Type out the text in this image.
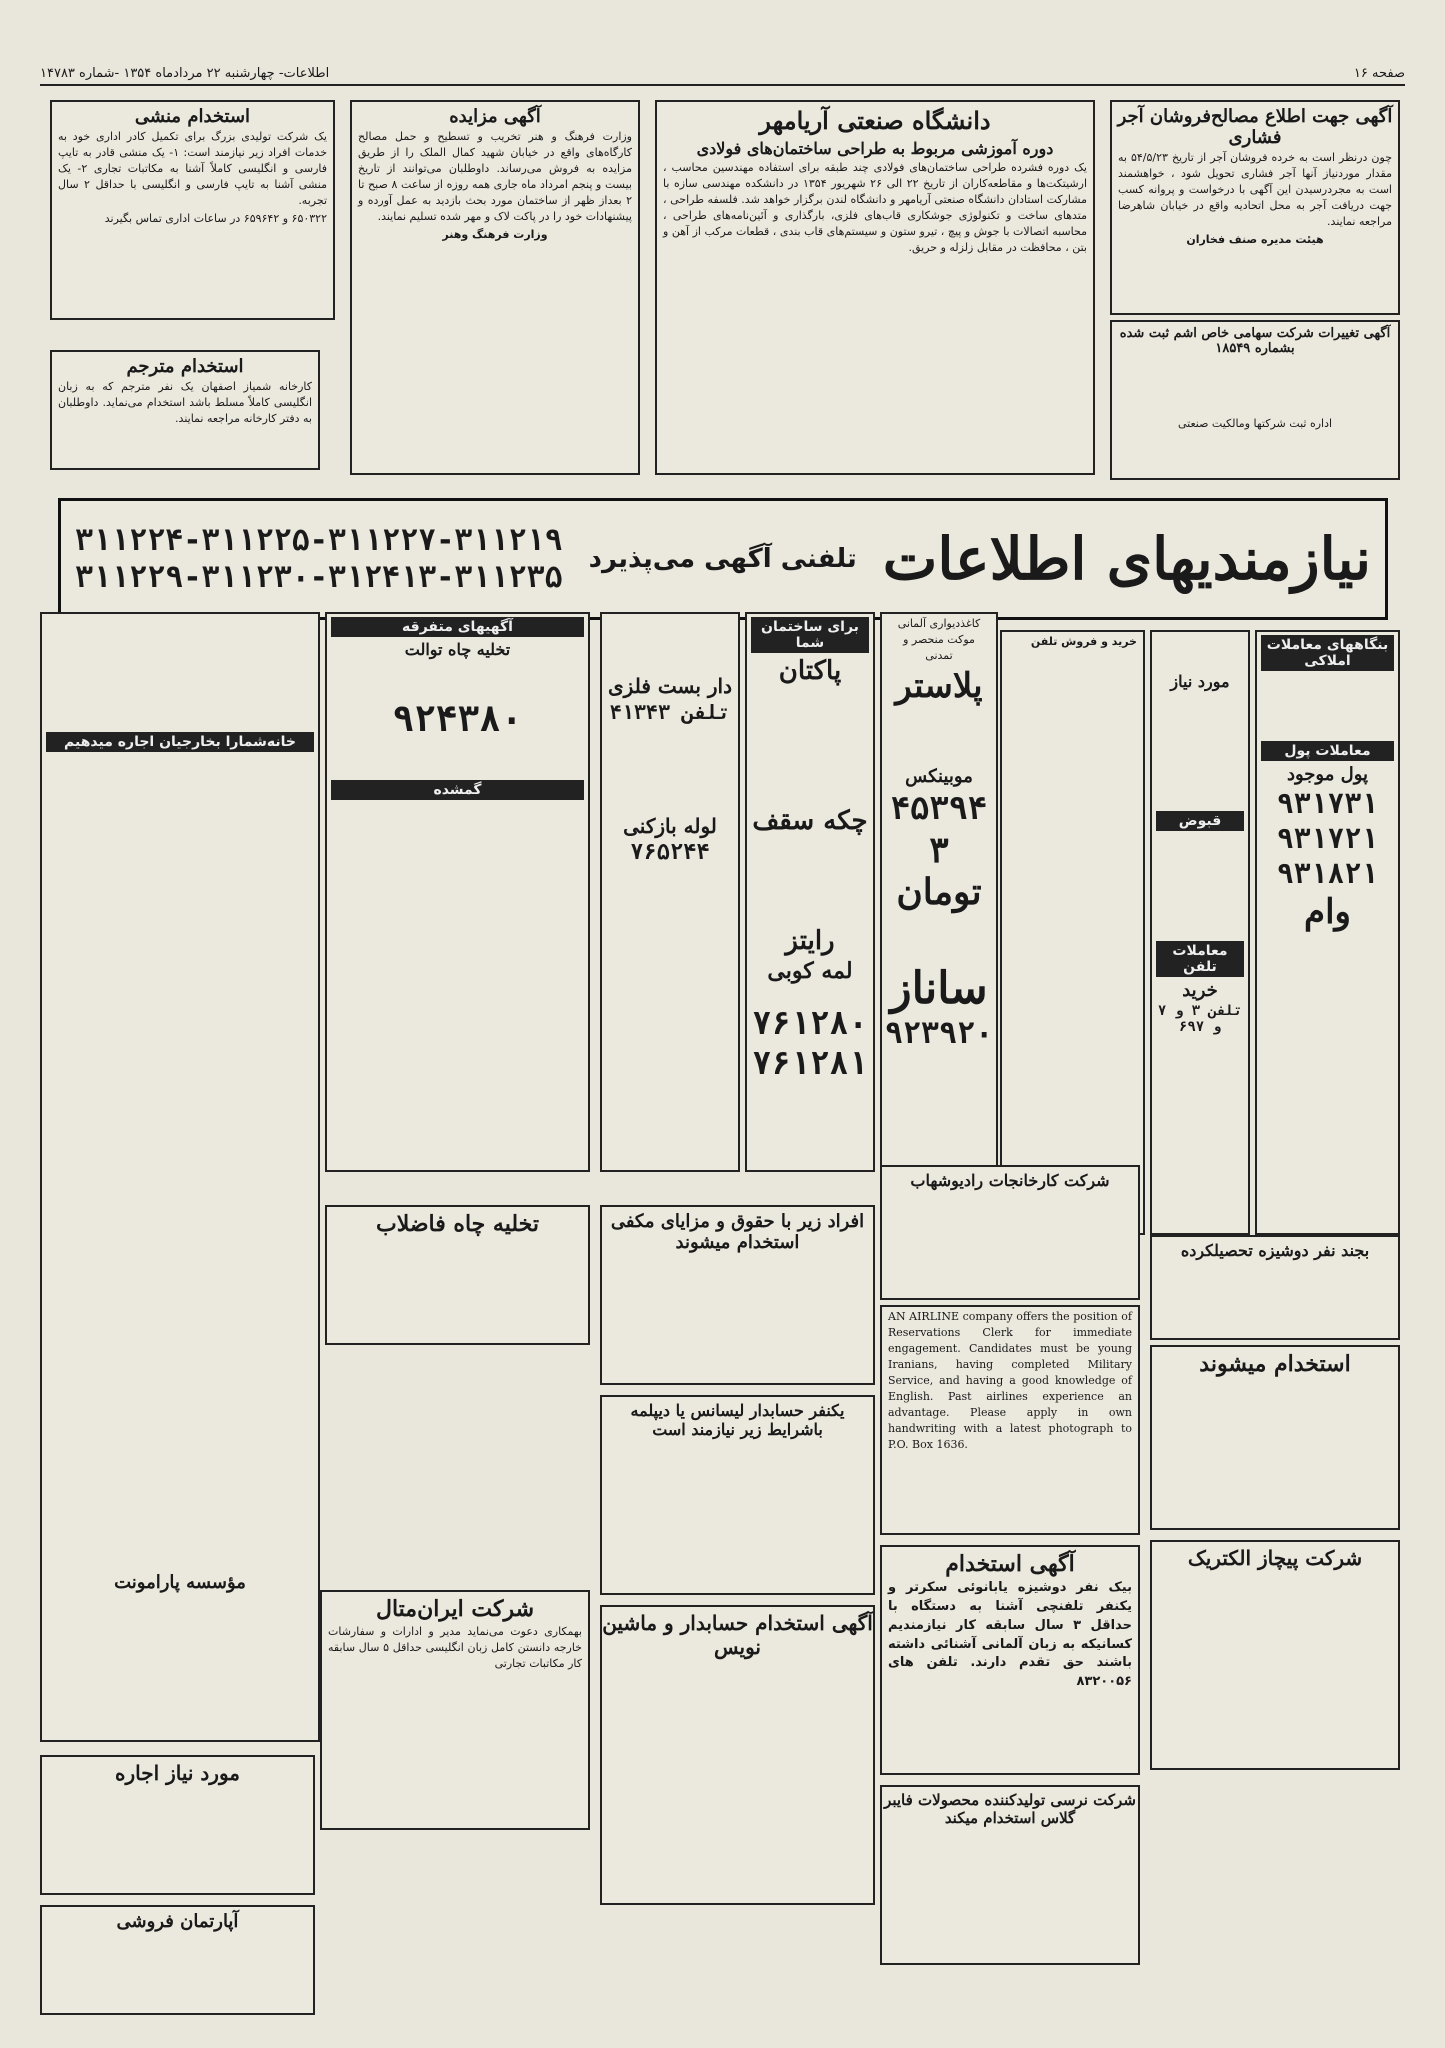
صفحه ۱۶
اطلاعات- چهارشنبه ۲۲ مردادماه ۱۳۵۴ -شماره ۱۴۷۸۳
آگهی جهت اطلاع مصالح‌فروشان آجر فشاری

چون درنظر است به خرده فروشان آجر از تاریخ ۵۴/۵/۲۳ به مقدار موردنیاز آنها آجر فشاری تحویل شود ، خواهشمند است به مجردرسیدن این آگهی با درخواست و پروانه کسب جهت دریافت آجر به محل اتحادیه واقع در خیابان شاهرضا مراجعه نمایند.

هیئت مدیره صنف فخاران

آگهی تغییرات شرکت سهامی خاص اشم ثبت شده بشماره ۱۸۵۴۹

اداره ثبت شرکتها ومالکیت صنعتی

دانشگاه صنعتی آریامهر
دوره آموزشی مربوط به طراحی ساختمان‌های فولادی

یک دوره فشرده طراحی ساختمان‌های فولادی چند طبقه برای استفاده مهندسین محاسب ، ارشیتکت‌ها و مقاطعه‌کاران از تاریخ ۲۲ الی ۲۶ شهریور ۱۳۵۴ در دانشکده مهندسی سازه با مشارکت استادان دانشگاه صنعتی آریامهر و دانشگاه لندن برگزار خواهد شد. فلسفه طراحی ، متدهای ساخت و تکنولوژی جوشکاری قاب‌های فلزی، بارگذاری و آئین‌نامه‌های طراحی ، محاسبه اتصالات با جوش و پیچ ، تیرو ستون و سیستم‌های قاب بندی ، قطعات مرکب از آهن و بتن ، محافظت در مقابل زلزله و حریق.

آگهی مزایده

وزارت فرهنگ و هنر تخریب و تسطیح و حمل مصالح کارگاه‌های واقع در خیابان شهید کمال الملک را از طریق مزایده به فروش می‌رساند. داوطلبان می‌توانند از تاریخ بیست و پنجم امرداد ماه جاری همه روزه از ساعت ۸ صبح تا ۲ بعداز ظهر از ساختمان مورد بحث بازدید به عمل آورده و پیشنهادات خود را در پاکت لاک و مهر شده تسلیم نمایند.

وزارت فرهنگ وهنر

استخدام منشی

یک شرکت تولیدی بزرگ برای تکمیل کادر اداری خود به خدمات افراد زیر نیازمند است: ۱- یک منشی قادر به تایپ فارسی و انگلیسی کاملاً آشنا به مکاتبات تجاری ۲- یک منشی آشنا به تایپ فارسی و انگلیسی با حداقل ۲ سال تجربه.

۶۵۰۳۲۲ و ۶۵۹۶۴۲ در ساعات اداری تماس بگیرند

استخدام مترجم

کارخانه شمیاز اصفهان یک نفر مترجم که به زبان انگلیسی کاملاً مسلط باشد استخدام می‌نماید. داوطلبان به دفتر کارخانه مراجعه نمایند.

نیازمندیهای اطلاعات
تلفنی آگهی می‌پذیرد
۳۱۱۲۲۴-۳۱۱۲۲۵-۳۱۱۲۲۷-۳۱۱۲۱۹
۳۱۱۲۲۹-۳۱۱۲۳۰-۳۱۲۴۱۳-۳۱۱۲۳۵
بنگاههای معاملات املاکی
معاملات پول
پول موجود
۹۳۱۷۳۱
۹۳۱۷۲۱
۹۳۱۸۲۱
وام
مورد نیاز
قبوض
معاملات تلفن
خرید
تلفن ۳ و ۷ و ۶۹۷

خرید و فروش تلفن

کاغذدیواری آلمانی موکت منحصر و تمدنی

پلاستر
موبینکس
۴۵۳۹۴
۳ تومان
ساناز
۹۲۳۹۲۰
برای ساختمان شما
پاکتان
چکه سقف
رایتز
لمه کوبی
۷۶۱۲۸۰
۷۶۱۲۸۱
دار بست فلزی
تلفن ۴۱۳۴۳
لوله بازکنی
۷۶۵۲۴۴
آگهیهای متفرقه
تخلیه چاه توالت
۹۲۴۳۸۰
گمشده
خانه‌شمارا بخارجیان اجاره میدهیم
مؤسسه پارامونت
تخلیه چاه فاضلاب	افراد زیر با حقوق و مزایای مکفی استخدام میشوند
شرکت کارخانجات رادیوشهاب
بجند نفر دوشیزه تحصیلکرده
استخدام میشوند

AN AIRLINE company offers the position of Reservations Clerk for immediate engagement. Candidates must be young Iranians, having completed Military Service, and having a good knowledge of English. Past airlines experience an advantage. Please apply in own handwriting with a latest photograph to P.O. Box 1636.

یکنفر حسابدار لیسانس یا دیپلمه باشرایط زیر نیازمند است
آگهی استخدام

بیک نفر دوشیزه یابانوئی سکرتر و یکنفر تلفنچی آشنا به دستگاه با حداقل ۳ سال سابقه کار نیازمندیم کسانیکه به زبان آلمانی آشنائی داشته باشند حق تقدم دارند. تلفن های ۸۳۲۰۰۵۶

شرکت پیچاز الکتریک
آگهی استخدام حسابدار و ماشین نویس
شرکت ایران‌متال

بهمکاری دعوت می‌نماید مدیر و ادارات و سفارشات خارجه دانستن کامل زبان انگلیسی حداقل ۵ سال سابقه کار مکاتبات تجارتی

شرکت نرسی تولیدکننده محصولات فایبر گلاس استخدام میکند
مورد نیاز اجاره
آپارتمان فروشی
